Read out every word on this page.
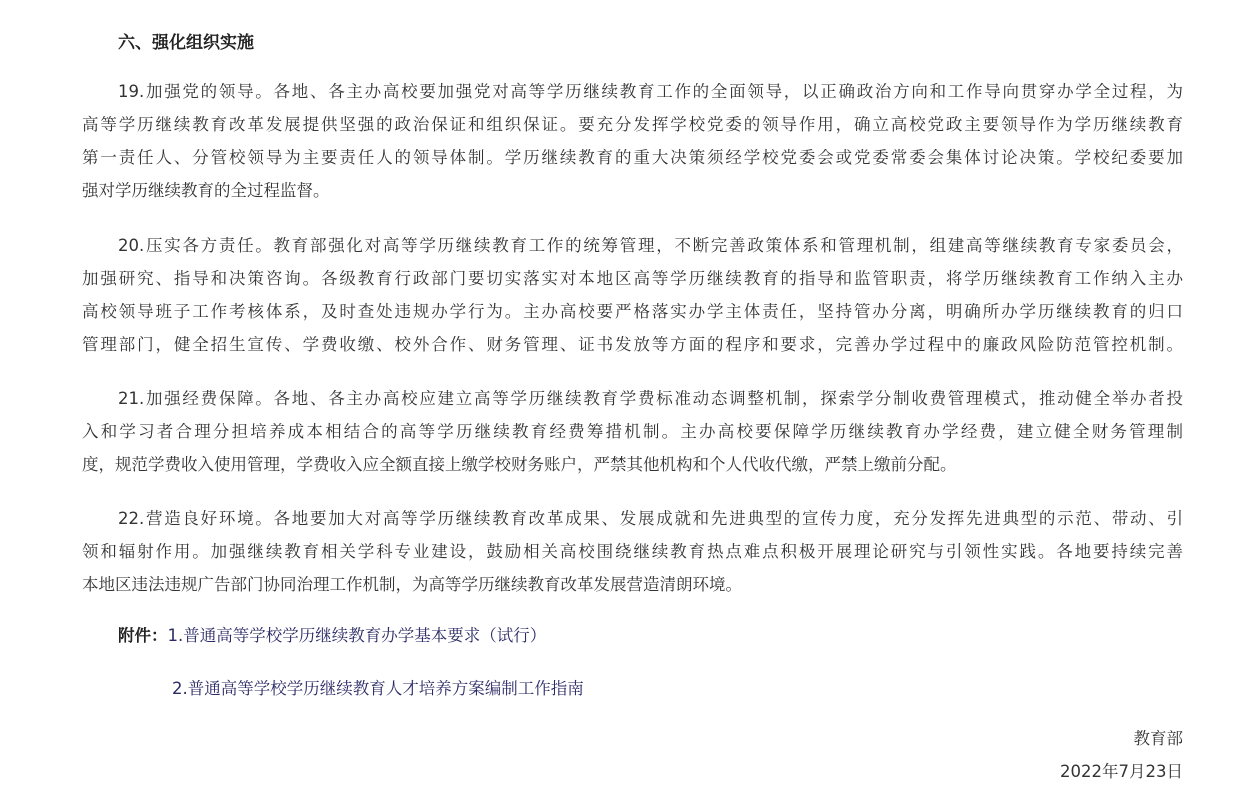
六、强化组织实施
19.加强党的领导。各地、各主办高校要加强党对高等学历继续教育工作的全面领导，以正确政治方向和工作导向贯穿办学全过程，为
高等学历继续教育改革发展提供坚强的政治保证和组织保证。要充分发挥学校党委的领导作用，确立高校党政主要领导作为学历继续教育
第一责任人、分管校领导为主要责任人的领导体制。学历继续教育的重大决策须经学校党委会或党委常委会集体讨论决策。学校纪委要加
强对学历继续教育的全过程监督。
20.压实各方责任。教育部强化对高等学历继续教育工作的统筹管理，不断完善政策体系和管理机制，组建高等继续教育专家委员会，
加强研究、指导和决策咨询。各级教育行政部门要切实落实对本地区高等学历继续教育的指导和监管职责，将学历继续教育工作纳入主办
高校领导班子工作考核体系，及时查处违规办学行为。主办高校要严格落实办学主体责任，坚持管办分离，明确所办学历继续教育的归口
管理部门，健全招生宣传、学费收缴、校外合作、财务管理、证书发放等方面的程序和要求，完善办学过程中的廉政风险防范管控机制。
21.加强经费保障。各地、各主办高校应建立高等学历继续教育学费标准动态调整机制，探索学分制收费管理模式，推动健全举办者投
入和学习者合理分担培养成本相结合的高等学历继续教育经费筹措机制。主办高校要保障学历继续教育办学经费，建立健全财务管理制
度，规范学费收入使用管理，学费收入应全额直接上缴学校财务账户，严禁其他机构和个人代收代缴，严禁上缴前分配。
22.营造良好环境。各地要加大对高等学历继续教育改革成果、发展成就和先进典型的宣传力度，充分发挥先进典型的示范、带动、引
领和辐射作用。加强继续教育相关学科专业建设，鼓励相关高校围绕继续教育热点难点积极开展理论研究与引领性实践。各地要持续完善
本地区违法违规广告部门协同治理工作机制，为高等学历继续教育改革发展营造清朗环境。
附件：1.普通高等学校学历继续教育办学基本要求（试行）
2.普通高等学校学历继续教育人才培养方案编制工作指南
教育部
2022年7月23日
